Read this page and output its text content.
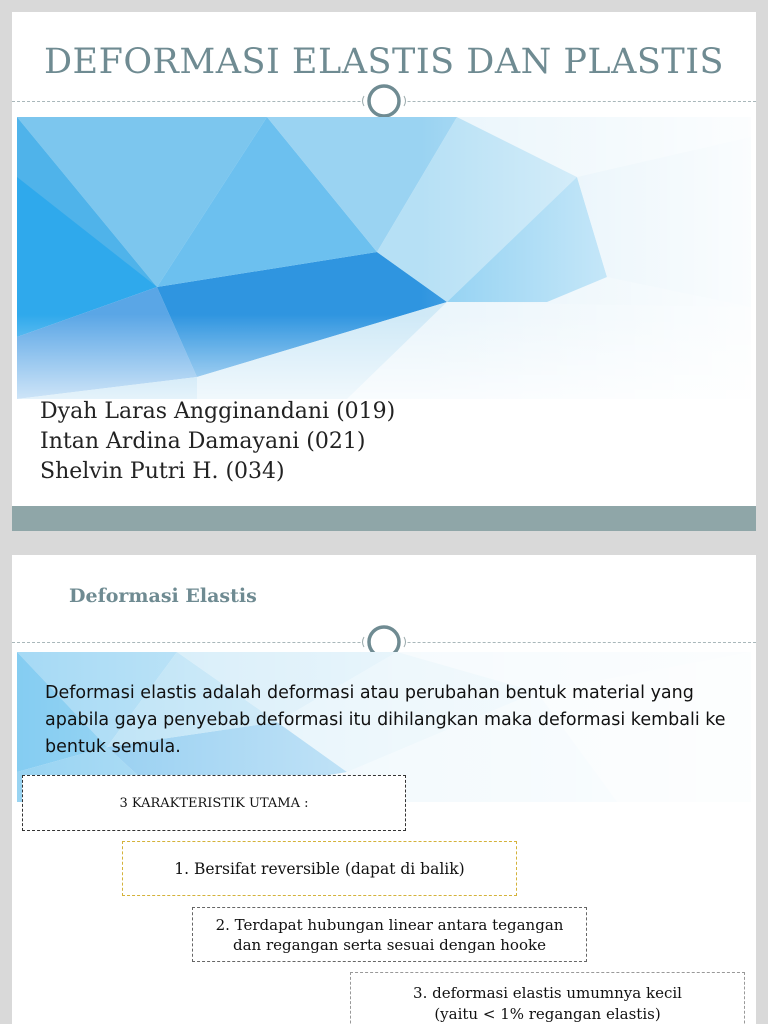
DEFORMASI ELASTIS DAN PLASTIS
Dyah Laras Angginandani (019)
Intan Ardina Damayani (021)
Shelvin Putri H. (034)
Deformasi Elastis
Deformasi elastis adalah deformasi atau perubahan bentuk material yang apabila gaya penyebab deformasi itu dihilangkan maka deformasi kembali ke bentuk semula.
3 KARAKTERISTIK UTAMA :
1. Bersifat reversible (dapat di balik)
2. Terdapat hubungan linear antara tegangan
dan regangan serta sesuai dengan hooke
3. deformasi elastis umumnya kecil
(yaitu < 1% regangan elastis)
